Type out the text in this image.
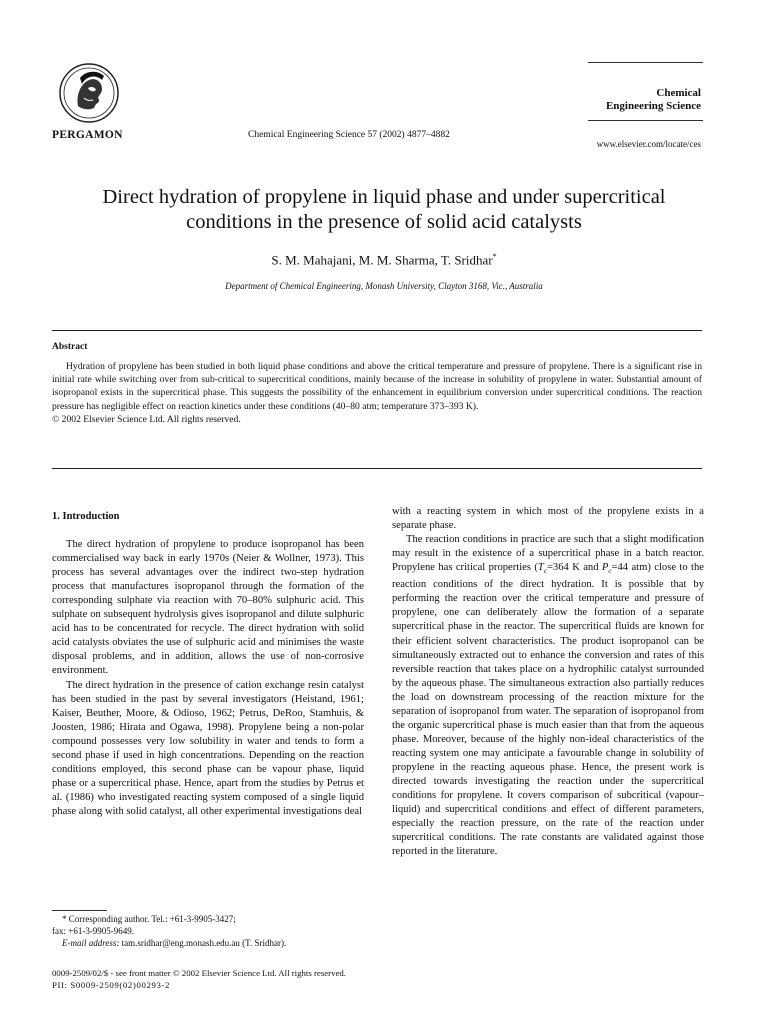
PERGAMON	Chemical Engineering Science 57 (2002) 4877–4882
Chemical
Engineering Science
www.elsevier.com/locate/ces
Direct hydration of propylene in liquid phase and under supercritical
conditions in the presence of solid acid catalysts
S. M. Mahajani, M. M. Sharma, T. Sridhar*
Department of Chemical Engineering, Monash University, Clayton 3168, Vic., Australia
Abstract

Hydration of propylene has been studied in both liquid phase conditions and above the critical temperature and pressure of propylene. There is a significant rise in initial rate while switching over from sub-critical to supercritical conditions, mainly because of the increase in solubility of propylene in water. Substantial amount of isopropanol exists in the supercritical phase. This suggests the possibility of the enhancement in equilibrium conversion under supercritical conditions. The reaction pressure has negligible effect on reaction kinetics under these conditions (40–80 atm; temperature 373–393 K).

© 2002 Elsevier Science Ltd. All rights reserved.

1. Introduction

The direct hydration of propylene to produce isopropanol has been commercialised way back in early 1970s (Neier & Wollner, 1973). This process has several advantages over the indirect two-step hydration process that manufactures isopropanol through the formation of the corresponding sulphate via reaction with 70–80% sulphuric acid. This sulphate on subsequent hydrolysis gives isopropanol and dilute sulphuric acid has to be concentrated for recycle. The direct hydration with solid acid catalysts obviates the use of sulphuric acid and minimises the waste disposal problems, and in addition, allows the use of non-corrosive environment.

The direct hydration in the presence of cation exchange resin catalyst has been studied in the past by several investigators (Heistand, 1961; Kaiser, Beuther, Moore, & Odioso, 1962; Petrus, DeRoo, Stamhuis, & Joosten, 1986; Hirata and Ogawa, 1998). Propylene being a non-polar compound possesses very low solubility in water and tends to form a second phase if used in high concentrations. Depending on the reaction conditions employed, this second phase can be vapour phase, liquid phase or a supercritical phase. Hence, apart from the studies by Petrus et al. (1986) who investigated reacting system composed of a single liquid phase along with solid catalyst, all other experimental investigations deal

with a reacting system in which most of the propylene exists in a separate phase.

The reaction conditions in practice are such that a slight modification may result in the existence of a supercritical phase in a batch reactor. Propylene has critical properties ($T_c=364$ K and $P_c=44$ atm) close to the reaction conditions of the direct hydration. It is possible that by performing the reaction over the critical temperature and pressure of propylene, one can deliberately allow the formation of a separate supercritical phase in the reactor. The supercritical fluids are known for their efficient solvent characteristics. The product isopropanol can be simultaneously extracted out to enhance the conversion and rates of this reversible reaction that takes place on a hydrophilic catalyst surrounded by the aqueous phase. The simultaneous extraction also partially reduces the load on downstream processing of the reaction mixture for the separation of isopropanol from water. The separation of isopropanol from the organic supercritical phase is much easier than that from the aqueous phase. Moreover, because of the highly non-ideal characteristics of the reacting system one may anticipate a favourable change in solubility of propylene in the reacting aqueous phase. Hence, the present work is directed towards investigating the reaction under the supercritical conditions for propylene. It covers comparison of subcritical (vapour–liquid) and supercritical conditions and effect of different parameters, especially the reaction pressure, on the rate of the reaction under supercritical conditions. The rate constants are validated against those reported in the literature.

* Corresponding author. Tel.: +61-3-9905-3427;
fax: +61-3-9905-9649.
E-mail address: tam.sridhar@eng.monash.edu.au (T. Sridhar).
0009-2509/02/$ - see front matter © 2002 Elsevier Science Ltd. All rights reserved.
PII: S0009-2509(02)00293-2
